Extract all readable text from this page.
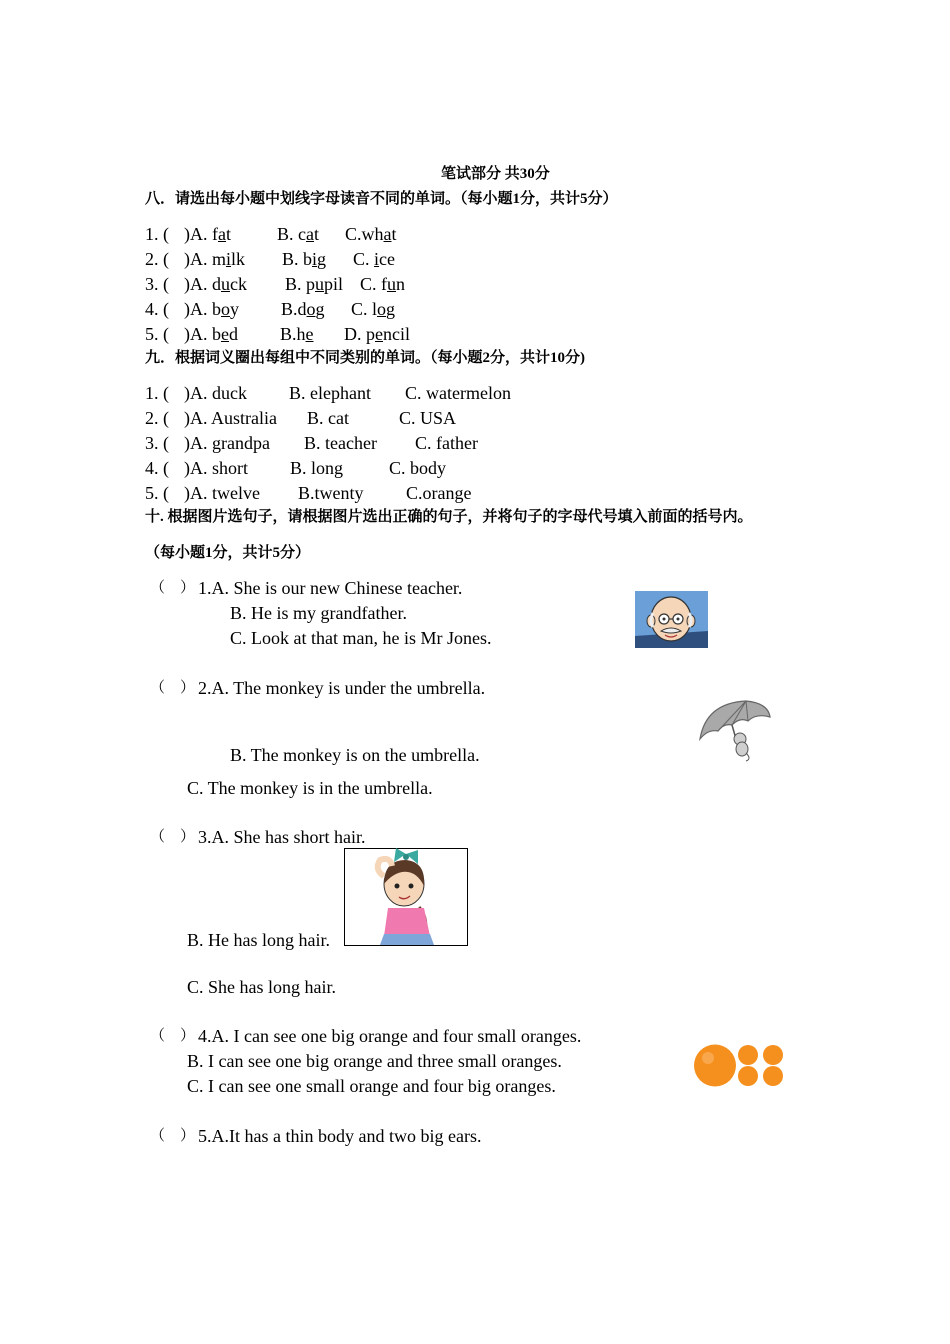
笔试部分 共30分
八．请选出每小题中划线字母读音不同的单词。（每小题1分，共计5分）
1. ( )A. fat	B. cat C.what
2. ( )A. milk B. big C. ice
3. ( )A. duck B. pupil C. fun
4. ( )A. boy B.dog C. log
5. ( )A. bed B.he D. pencil
九．根据词义圈出每组中不同类别的单词。（每小题2分，共计10分)
1. ( )A. duck B. elephant C. watermelon
2. ( )A. Australia B. cat	C. USA
3. ( )A. grandpa B. teacher C. father
4. ( )A. short B. long	C. body
5. ( )A. twelve B.twenty C.orange
十. 根据图片选句子，请根据图片选出正确的句子，并将句子的字母代号填入前面的括号内。
（每小题1分，共计5分）
（　） 1.A. She is our new Chinese teacher.
B. He is my grandfather.
C. Look at that man, he is Mr Jones.
（　） 2.A. The monkey is under the umbrella.
B. The monkey is on the umbrella.
C. The monkey is in the umbrella.
（　） 3.A. She has short hair.
B. He has long hair.
C. She has long hair.
（　） 4.A. I can see one big orange and four small oranges.
B. I can see one big orange and three small oranges.
C. I can see one small orange and four big oranges.
（　） 5.A.It has a thin body and two big ears.
